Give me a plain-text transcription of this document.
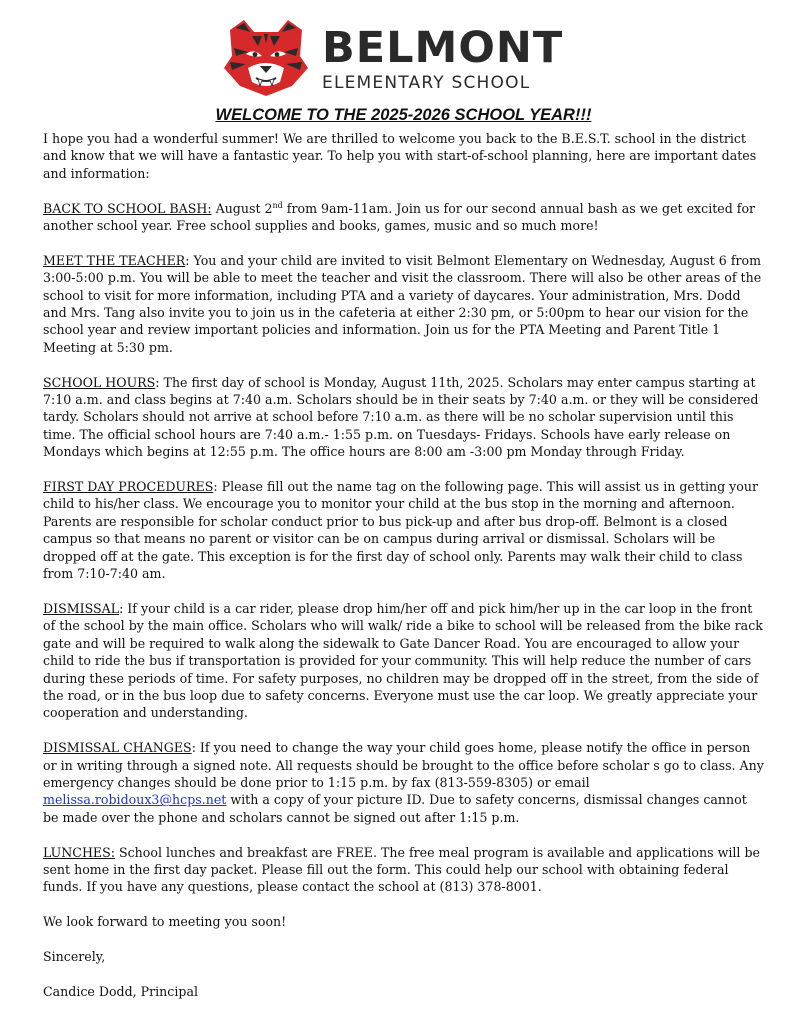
BELMONT
ELEMENTARY SCHOOL
WELCOME TO THE 2025-2026 SCHOOL YEAR!!!

I hope you had a wonderful summer! We are thrilled to welcome you back to the B.E.S.T. school in the district and know that we will have a fantastic year. To help you with start-of-school planning, here are important dates and information:

BACK TO SCHOOL BASH: August 2nd from 9am-11am. Join us for our second annual bash as we get excited for another school year. Free school supplies and books, games, music and so much more!

MEET THE TEACHER: You and your child are invited to visit Belmont Elementary on Wednesday, August 6 from 3:00-5:00 p.m. You will be able to meet the teacher and visit the classroom. There will also be other areas of the school to visit for more information, including PTA and a variety of daycares. Your administration, Mrs. Dodd and Mrs. Tang also invite you to join us in the cafeteria at either 2:30 pm, or 5:00pm to hear our vision for the school year and review important policies and information. Join us for the PTA Meeting and Parent Title 1 Meeting at 5:30 pm.

SCHOOL HOURS: The first day of school is Monday, August 11th, 2025. Scholars may enter campus starting at 7:10 a.m. and class begins at 7:40 a.m. Scholars should be in their seats by 7:40 a.m. or they will be considered tardy. Scholars should not arrive at school before 7:10 a.m. as there will be no scholar supervision until this time. The official school hours are 7:40 a.m.- 1:55 p.m. on Tuesdays- Fridays. Schools have early release on Mondays which begins at 12:55 p.m. The office hours are 8:00 am -3:00 pm Monday through Friday.

FIRST DAY PROCEDURES: Please fill out the name tag on the following page. This will assist us in getting your child to his/her class. We encourage you to monitor your child at the bus stop in the morning and afternoon. Parents are responsible for scholar conduct prior to bus pick-up and after bus drop-off. Belmont is a closed campus so that means no parent or visitor can be on campus during arrival or dismissal. Scholars will be dropped off at the gate. This exception is for the first day of school only. Parents may walk their child to class from 7:10-7:40 am.

DISMISSAL: If your child is a car rider, please drop him/her off and pick him/her up in the car loop in the front of the school by the main office. Scholars who will walk/ ride a bike to school will be released from the bike rack gate and will be required to walk along the sidewalk to Gate Dancer Road. You are encouraged to allow your child to ride the bus if transportation is provided for your community. This will help reduce the number of cars during these periods of time. For safety purposes, no children may be dropped off in the street, from the side of the road, or in the bus loop due to safety concerns. Everyone must use the car loop. We greatly appreciate your cooperation and understanding.

DISMISSAL CHANGES: If you need to change the way your child goes home, please notify the office in person or in writing through a signed note. All requests should be brought to the office before scholar s go to class. Any emergency changes should be done prior to 1:15 p.m. by fax (813-559-8305) or email melissa.robidoux3@hcps.net with a copy of your picture ID. Due to safety concerns, dismissal changes cannot be made over the phone and scholars cannot be signed out after 1:15 p.m.

LUNCHES: School lunches and breakfast are FREE. The free meal program is available and applications will be sent home in the first day packet. Please fill out the form. This could help our school with obtaining federal funds. If you have any questions, please contact the school at (813) 378-8001.

We look forward to meeting you soon!

Sincerely,

Candice Dodd, Principal
